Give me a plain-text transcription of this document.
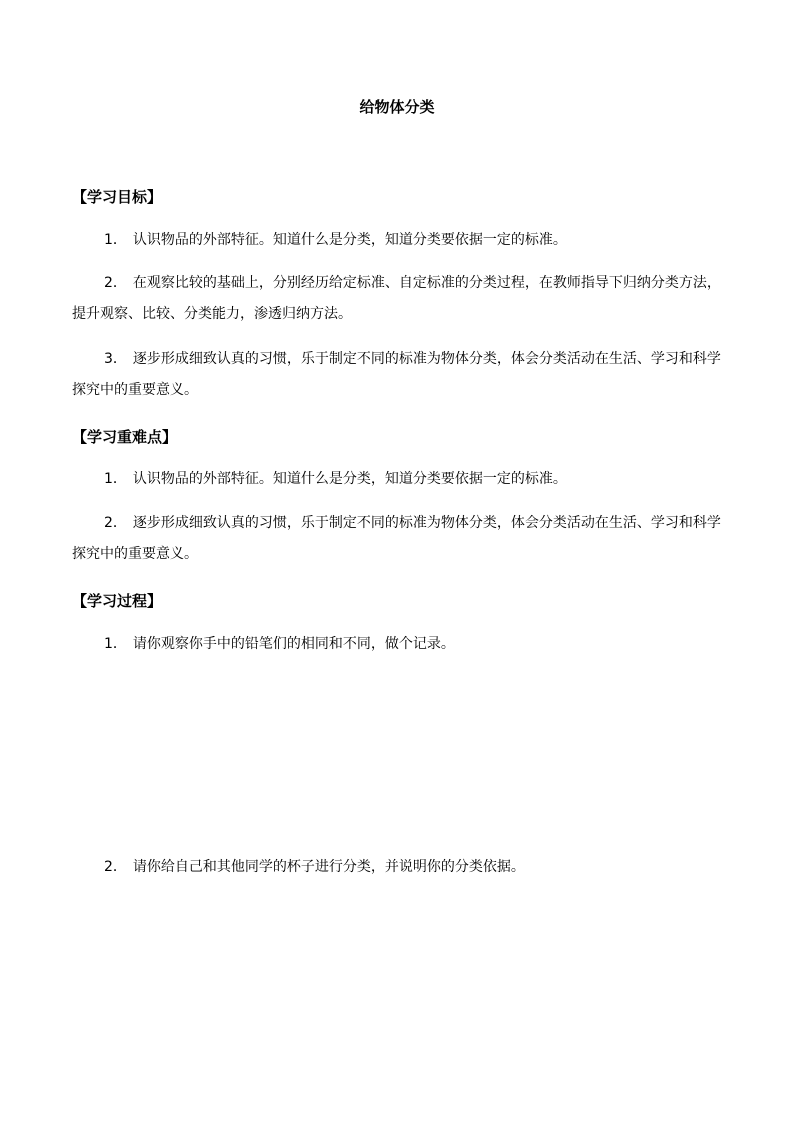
给物体分类
【学习目标】
1． 认识物品的外部特征。知道什么是分类，知道分类要依据一定的标准。
2． 在观察比较的基础上，分别经历给定标准、自定标准的分类过程，在教师指导下归纳分类方法，提升观察、比较、分类能力，渗透归纳方法。
3． 逐步形成细致认真的习惯，乐于制定不同的标准为物体分类，体会分类活动在生活、学习和科学探究中的重要意义。
【学习重难点】
1． 认识物品的外部特征。知道什么是分类，知道分类要依据一定的标准。
2． 逐步形成细致认真的习惯，乐于制定不同的标准为物体分类，体会分类活动在生活、学习和科学探究中的重要意义。
【学习过程】
1． 请你观察你手中的铅笔们的相同和不同，做个记录。
2． 请你给自己和其他同学的杯子进行分类，并说明你的分类依据。
